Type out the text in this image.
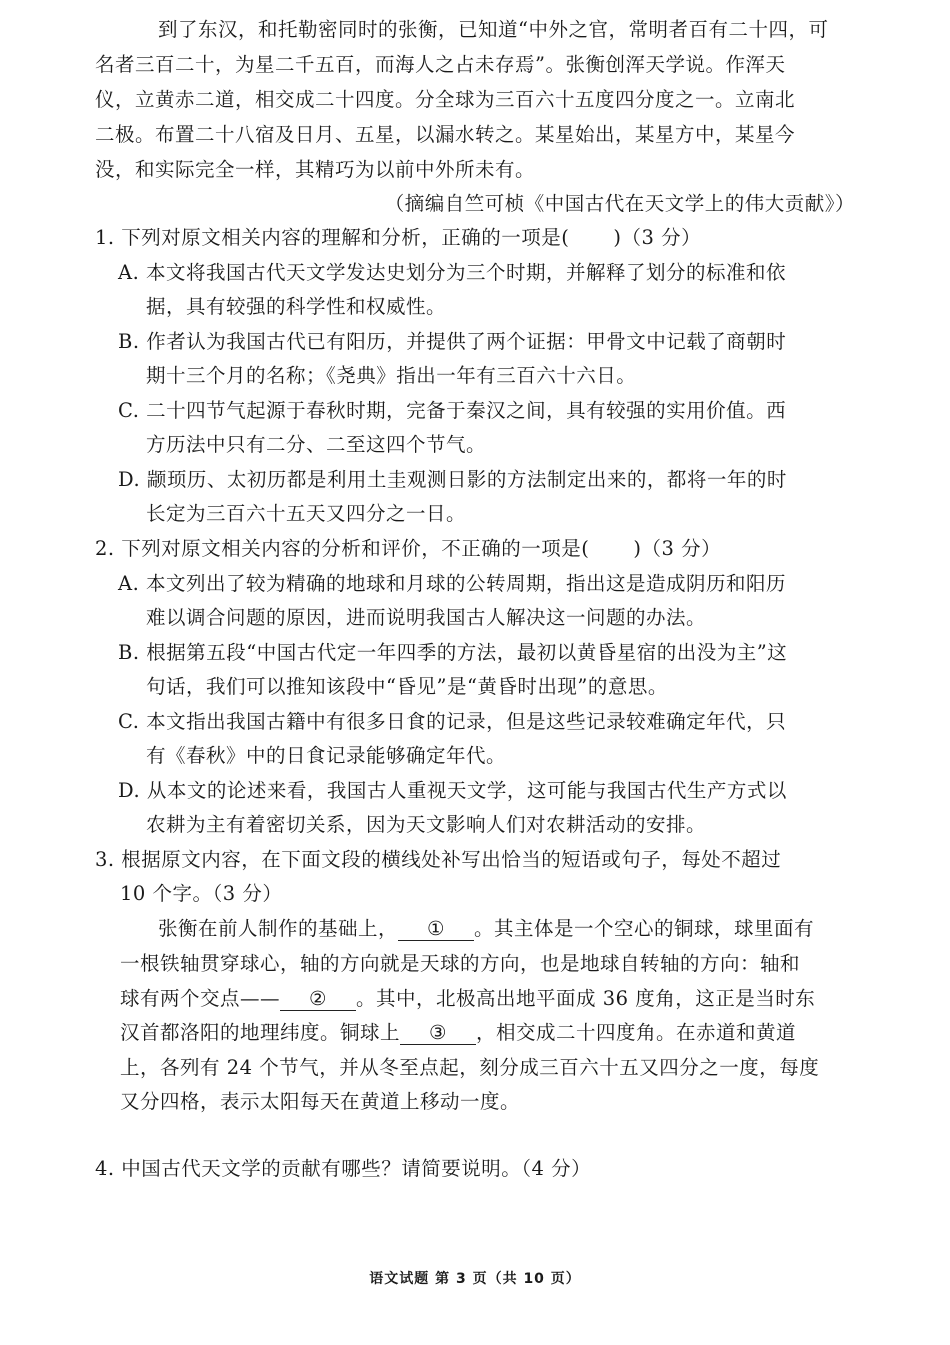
到了东汉，和托勒密同时的张衡，已知道“中外之官，常明者百有二十四，可
名者三百二十，为星二千五百，而海人之占未存焉”。张衡创浑天学说。作浑天
仪，立黄赤二道，相交成二十四度。分全球为三百六十五度四分度之一。立南北
二极。布置二十八宿及日月、五星，以漏水转之。某星始出，某星方中，某星今
没，和实际完全一样，其精巧为以前中外所未有。
（摘编自竺可桢《中国古代在天文学上的伟大贡献》）
1. 下列对原文相关内容的理解和分析，正确的一项是( )（3 分）
A. 本文将我国古代天文学发达史划分为三个时期，并解释了划分的标准和依
据，具有较强的科学性和权威性。
B. 作者认为我国古代已有阳历，并提供了两个证据：甲骨文中记载了商朝时
期十三个月的名称；《尧典》指出一年有三百六十六日。
C. 二十四节气起源于春秋时期，完备于秦汉之间，具有较强的实用价值。西
方历法中只有二分、二至这四个节气。
D. 颛顼历、太初历都是利用土圭观测日影的方法制定出来的，都将一年的时
长定为三百六十五天又四分之一日。
2. 下列对原文相关内容的分析和评价，不正确的一项是( )（3 分）
A. 本文列出了较为精确的地球和月球的公转周期，指出这是造成阴历和阳历
难以调合问题的原因，进而说明我国古人解决这一问题的办法。
B. 根据第五段“中国古代定一年四季的方法，最初以黄昏星宿的出没为主”这
句话，我们可以推知该段中“昏见”是“黄昏时出现”的意思。
C. 本文指出我国古籍中有很多日食的记录，但是这些记录较难确定年代，只
有《春秋》中的日食记录能够确定年代。
D. 从本文的论述来看，我国古人重视天文学，这可能与我国古代生产方式以
农耕为主有着密切关系，因为天文影响人们对农耕活动的安排。
3. 根据原文内容，在下面文段的横线处补写出恰当的短语或句子，每处不超过
10 个字。（3 分）
张衡在前人制作的基础上， ① 。其主体是一个空心的铜球，球里面有
一根铁轴贯穿球心，轴的方向就是天球的方向，也是地球自转轴的方向：轴和
球有两个交点—— ② 。其中，北极高出地平面成 36 度角，这正是当时东
汉首都洛阳的地理纬度。铜球上 ③ ，相交成二十四度角。在赤道和黄道
上，各列有 24 个节气，并从冬至点起，刻分成三百六十五又四分之一度，每度
又分四格，表示太阳每天在黄道上移动一度。
4. 中国古代天文学的贡献有哪些？请简要说明。（4 分）
语文试题 第 3 页（共 10 页）
